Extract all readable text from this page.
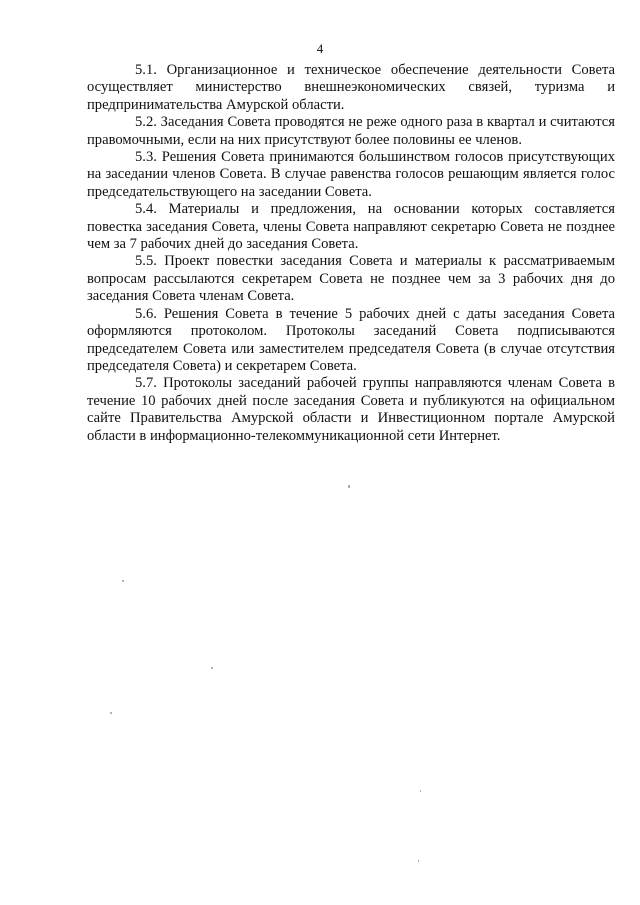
4

5.1. Организационное и техническое обеспечение деятельности Совета осуществляет министерство внешнеэкономических связей, туризма и предпринимательства Амурской области.

5.2. Заседания Совета проводятся не реже одного раза в квартал и считаются правомочными, если на них присутствуют более половины ее членов.

5.3. Решения Совета принимаются большинством голосов присутствующих на заседании членов Совета. В случае равенства голосов решающим является голос председательствующего на заседании Совета.

5.4. Материалы и предложения, на основании которых составляется повестка заседания Совета, члены Совета направляют секретарю Совета не позднее чем за 7 рабочих дней до заседания Совета.

5.5. Проект повестки заседания Совета и материалы к рассматриваемым вопросам рассылаются секретарем Совета не позднее чем за 3 рабочих дня до заседания Совета членам Совета.

5.6. Решения Совета в течение 5 рабочих дней с даты заседания Совета оформляются протоколом. Протоколы заседаний Совета подписываются председателем Совета или заместителем председателя Совета (в случае отсутствия председателя Совета) и секретарем Совета.

5.7. Протоколы заседаний рабочей группы направляются членам Совета в течение 10 рабочих дней после заседания Совета и публикуются на официальном сайте Правительства Амурской области и Инвестиционном портале Амурской области в информационно-телекоммуникационной сети Интернет.
